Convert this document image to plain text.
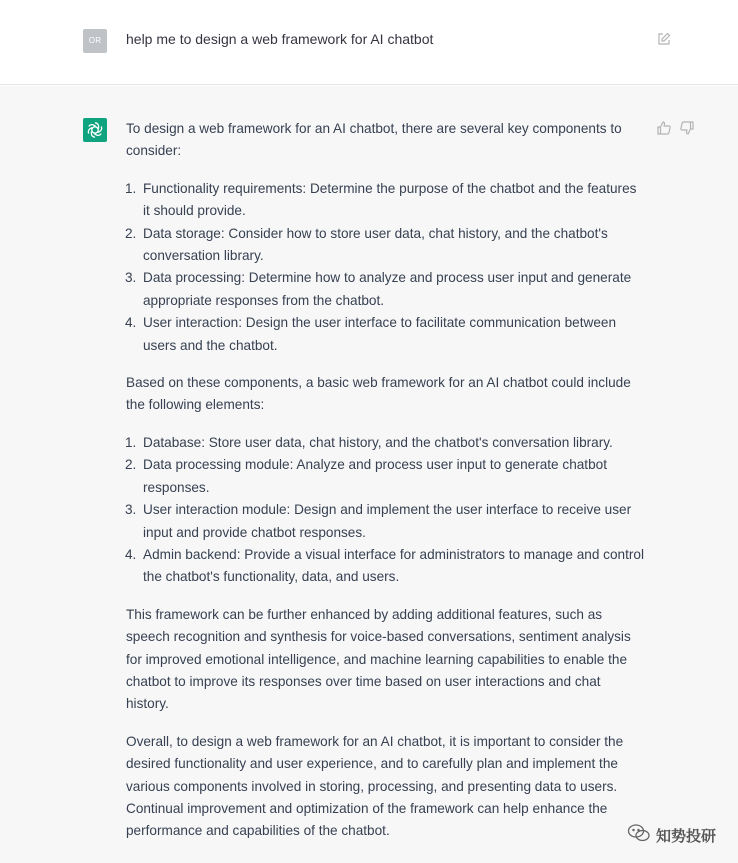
OR	help me to design a web framework for AI chatbot

To design a web framework for an AI chatbot, there are several key components to consider:

1. Functionality requirements: Determine the purpose of the chatbot and the features it should provide.
2. Data storage: Consider how to store user data, chat history, and the chatbot's conversation library.
3. Data processing: Determine how to analyze and process user input and generate appropriate responses from the chatbot.
4. User interaction: Design the user interface to facilitate communication between users and the chatbot.

Based on these components, a basic web framework for an AI chatbot could include the following elements:

1. Database: Store user data, chat history, and the chatbot's conversation library.
2. Data processing module: Analyze and process user input to generate chatbot responses.
3. User interaction module: Design and implement the user interface to receive user input and provide chatbot responses.
4. Admin backend: Provide a visual interface for administrators to manage and control the chatbot's functionality, data, and users.

This framework can be further enhanced by adding additional features, such as speech recognition and synthesis for voice-based conversations, sentiment analysis for improved emotional intelligence, and machine learning capabilities to enable the chatbot to improve its responses over time based on user interactions and chat history.

Overall, to design a web framework for an AI chatbot, it is important to consider the desired functionality and user experience, and to carefully plan and implement the various components involved in storing, processing, and presenting data to users. Continual improvement and optimization of the framework can help enhance the performance and capabilities of the chatbot.	知势投研
